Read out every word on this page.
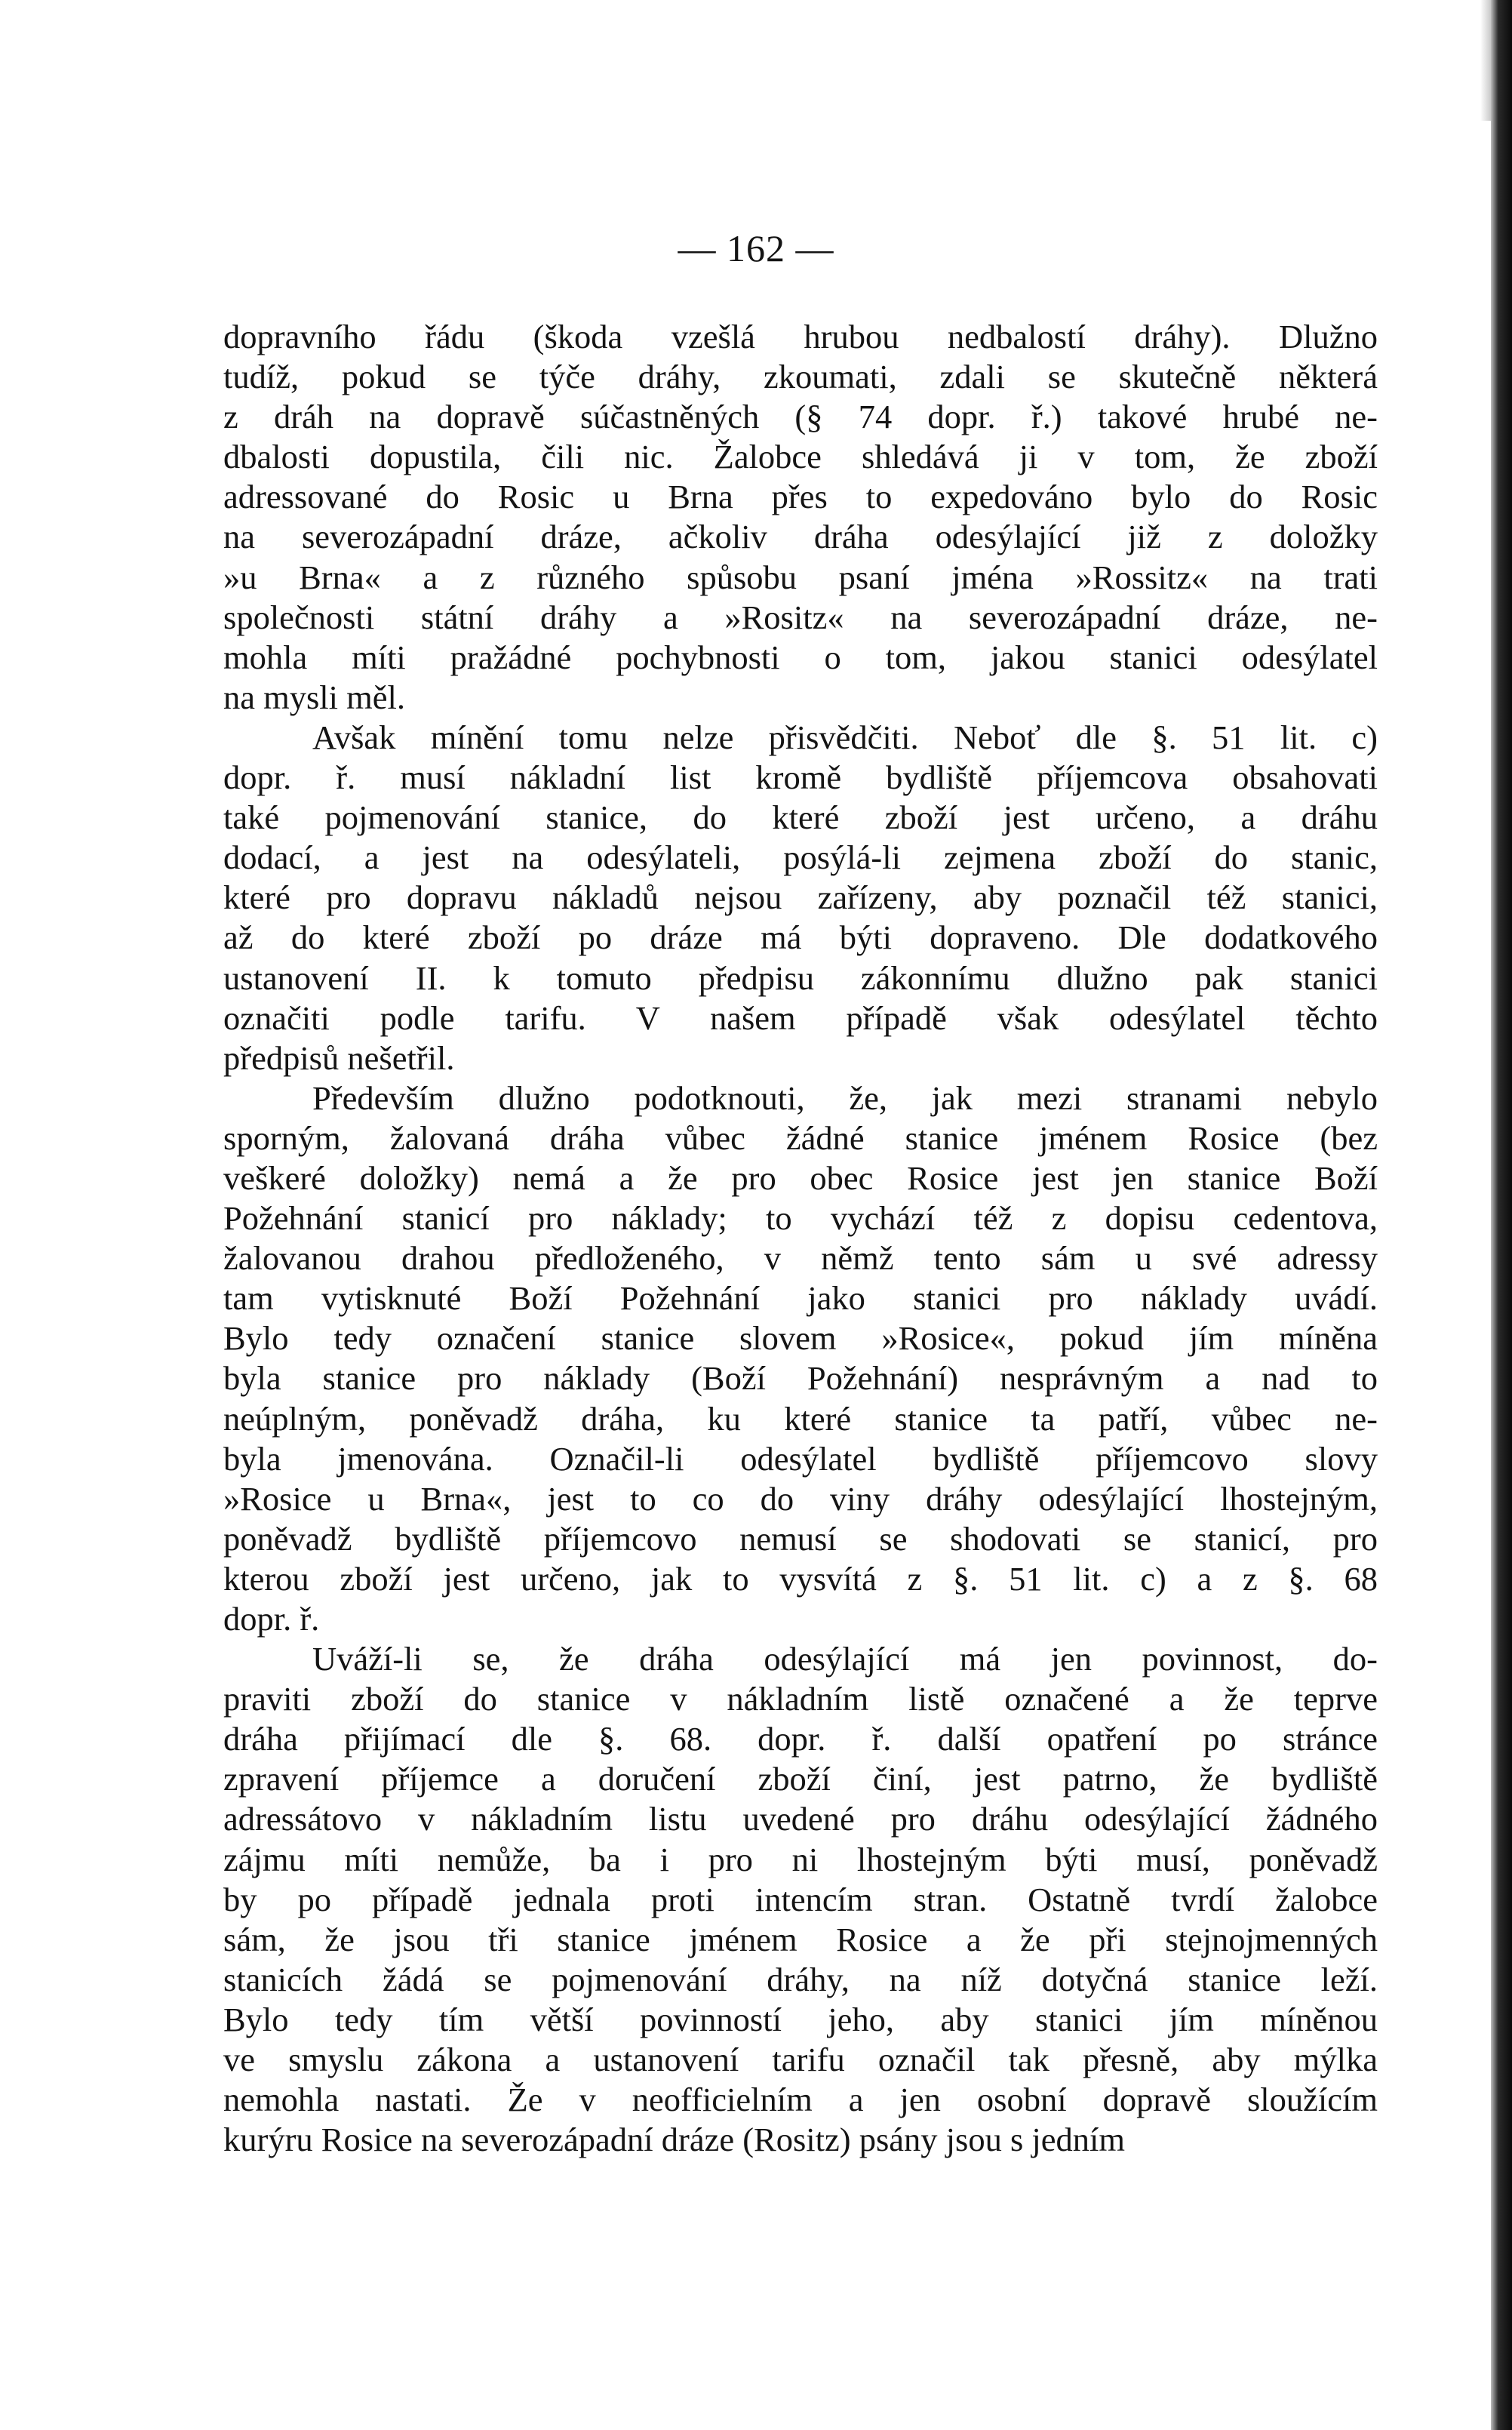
— 162 —
dopravního řádu (škoda vzešlá hrubou nedbalostí dráhy). Dlužno
tudíž, pokud se týče dráhy, zkoumati, zdali se skutečně některá
z dráh na dopravě súčastněných (§ 74 dopr. ř.) takové hrubé ne-
dbalosti dopustila, čili nic. Žalobce shledává ji v tom, že zboží
adressované do Rosic u Brna přes to expedováno bylo do Rosic
na severozápadní dráze, ačkoliv dráha odesýlající již z doložky
»u Brna« a z různého spůsobu psaní jména »Rossitz« na trati
společnosti státní dráhy a »Rositz« na severozápadní dráze, ne-
mohla míti pražádné pochybnosti o tom, jakou stanici odesýlatel
na mysli měl.
Avšak mínění tomu nelze přisvědčiti. Neboť dle §. 51 lit. c)
dopr. ř. musí nákladní list kromě bydliště příjemcova obsahovati
také pojmenování stanice, do které zboží jest určeno, a dráhu
dodací, a jest na odesýlateli, posýlá-li zejmena zboží do stanic,
které pro dopravu nákladů nejsou zařízeny, aby poznačil též stanici,
až do které zboží po dráze má býti dopraveno. Dle dodatkového
ustanovení II. k tomuto předpisu zákonnímu dlužno pak stanici
označiti podle tarifu. V našem případě však odesýlatel těchto
předpisů nešetřil.
Především dlužno podotknouti, že, jak mezi stranami nebylo
sporným, žalovaná dráha vůbec žádné stanice jménem Rosice (bez
veškeré doložky) nemá a že pro obec Rosice jest jen stanice Boží
Požehnání stanicí pro náklady; to vychází též z dopisu cedentova,
žalovanou drahou předloženého, v němž tento sám u své adressy
tam vytisknuté Boží Požehnání jako stanici pro náklady uvádí.
Bylo tedy označení stanice slovem »Rosice«, pokud jím míněna
byla stanice pro náklady (Boží Požehnání) nesprávným a nad to
neúplným, poněvadž dráha, ku které stanice ta patří, vůbec ne-
byla jmenována. Označil-li odesýlatel bydliště příjemcovo slovy
»Rosice u Brna«, jest to co do viny dráhy odesýlající lhostejným,
poněvadž bydliště příjemcovo nemusí se shodovati se stanicí, pro
kterou zboží jest určeno, jak to vysvítá z §. 51 lit. c) a z §. 68
dopr. ř.
Uváží-li se, že dráha odesýlající má jen povinnost, do-
praviti zboží do stanice v nákladním listě označené a že teprve
dráha přijímací dle §. 68. dopr. ř. další opatření po stránce
zpravení příjemce a doručení zboží činí, jest patrno, že bydliště
adressátovo v nákladním listu uvedené pro dráhu odesýlající žádného
zájmu míti nemůže, ba i pro ni lhostejným býti musí, poněvadž
by po případě jednala proti intencím stran. Ostatně tvrdí žalobce
sám, že jsou tři stanice jménem Rosice a že při stejnojmenných
stanicích žádá se pojmenování dráhy, na níž dotyčná stanice leží.
Bylo tedy tím větší povinností jeho, aby stanici jím míněnou
ve smyslu zákona a ustanovení tarifu označil tak přesně, aby mýlka
nemohla nastati. Že v neofficielním a jen osobní dopravě sloužícím
kurýru Rosice na severozápadní dráze (Rositz) psány jsou s jedním
